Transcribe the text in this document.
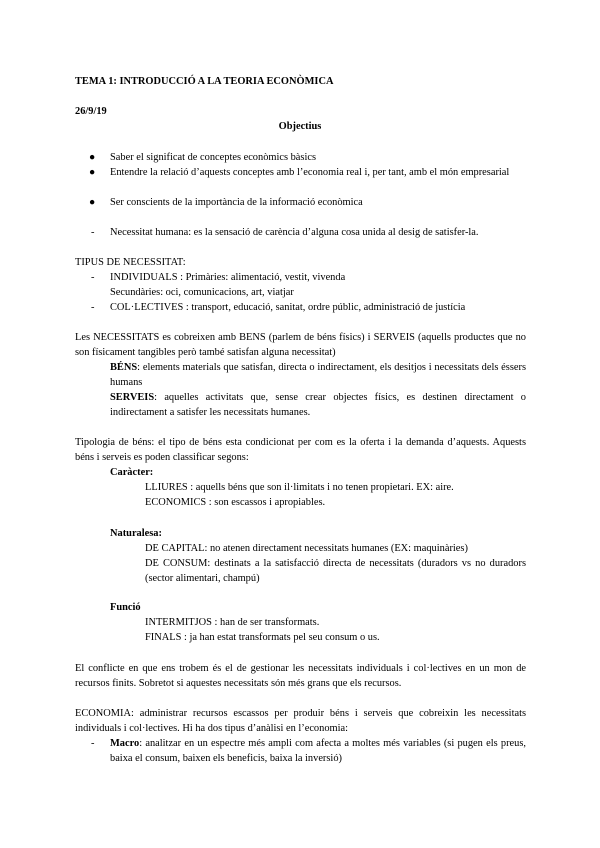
TEMA 1: INTRODUCCIÓ A LA TEORIA ECONÒMICA

26/9/19

Objectius

● Saber el significat de conceptes econòmics bàsics

● Entendre la relació d’aquests conceptes amb l’economia real i, per tant, amb el món empresarial

● Ser conscients de la importància de la informació econòmica

- Necessitat humana: es la sensació de carència d’alguna cosa unida al desig de satisfer-la.

TIPUS DE NECESSITAT:

- INDIVIDUALS : Primàries: alimentació, vestit, vivenda

Secundàries: oci, comunicacions, art, viatjar

- COL·LECTIVES : transport, educació, sanitat, ordre públic, administració de justícia

Les NECESSITATS es cobreixen amb BENS (parlem de béns físics) i SERVEIS (aquells productes que no son físicament tangibles però també satisfan alguna necessitat)

BÉNS: elements materials que satisfan, directa o indirectament, els desitjos i necessitats dels éssers humans

SERVEIS: aquelles activitats que, sense crear objectes físics, es destinen directament o indirectament a satisfer les necessitats humanes.

Tipologia de béns: el tipo de béns esta condicionat per com es la oferta i la demanda d’aquests. Aquests béns i serveis es poden classificar segons:

Caràcter:

LLIURES : aquells béns que son il·limitats i no tenen propietari. EX: aire.

ECONOMICS : son escassos i apropiables.

Naturalesa:

DE CAPITAL: no atenen directament necessitats humanes (EX: maquinàries)

DE CONSUM: destinats a la satisfacció directa de necessitats (duradors vs no duradors (sector alimentari, champú)

Funció

INTERMITJOS : han de ser transformats.

FINALS : ja han estat transformats pel seu consum o us.

El conflicte en que ens trobem és el de gestionar les necessitats individuals i col·lectives en un mon de recursos finits. Sobretot si aquestes necessitats són més grans que els recursos.

ECONOMIA: administrar recursos escassos per produir béns i serveis que cobreixin les necessitats individuals i col·lectives. Hi ha dos tipus d’anàlisi en l’economia:

- Macro: analitzar en un espectre més ampli com afecta a moltes més variables (si pugen els preus, baixa el consum, baixen els beneficis, baixa la inversió)
